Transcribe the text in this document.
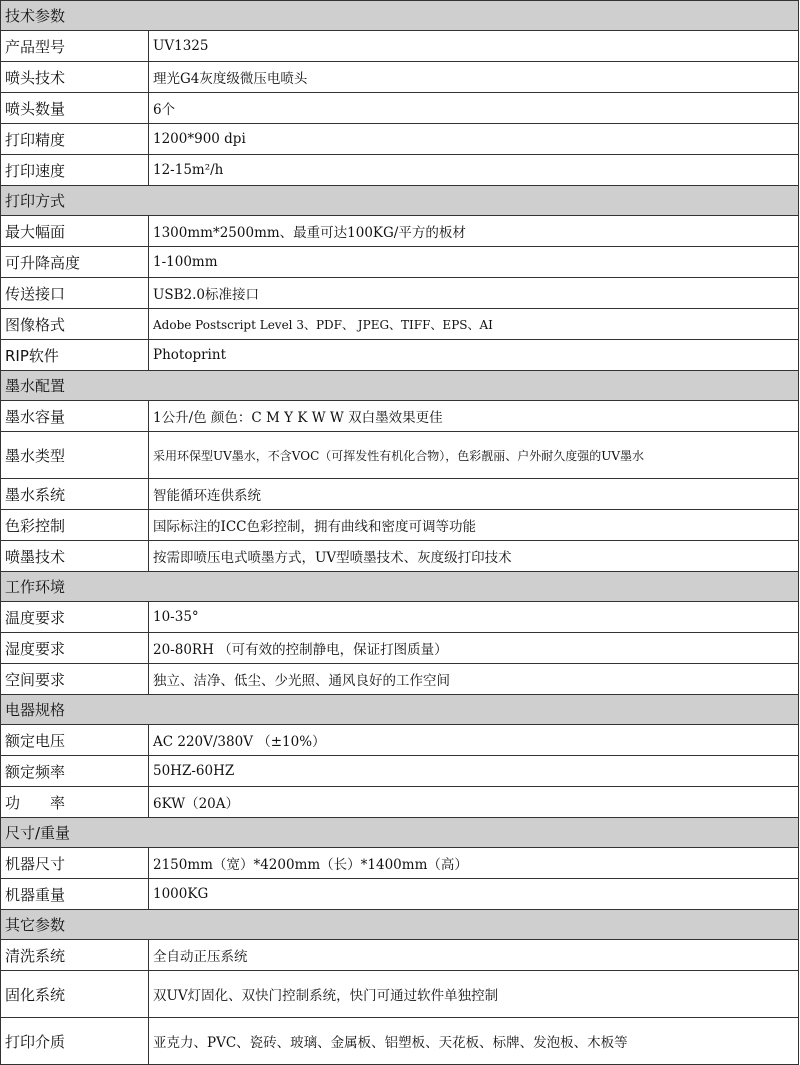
技术参数	
产品型号	UV1325
喷头技术	理光G4灰度级微压电喷头
喷头数量	6个
打印精度	1200*900 dpi
打印速度	12-15m²/h
打印方式	
最大幅面	1300mm*2500mm、最重可达100KG/平方的板材
可升降高度	1-100mm
传送接口	USB2.0标准接口
图像格式	Adobe Postscript Level 3、PDF、 JPEG、TIFF、EPS、AI
RIP软件	Photoprint
墨水配置	
墨水容量	1公升/色 颜色：C M Y K W W 双白墨效果更佳
墨水类型	采用环保型UV墨水，不含VOC（可挥发性有机化合物），色彩靓丽、户外耐久度强的UV墨水
墨水系统	智能循环连供系统
色彩控制	国际标注的ICC色彩控制，拥有曲线和密度可调等功能
喷墨技术	按需即喷压电式喷墨方式，UV型喷墨技术、灰度级打印技术
工作环境	
温度要求	10-35°
湿度要求	20-80RH （可有效的控制静电，保证打图质量）
空间要求	独立、洁净、低尘、少光照、通风良好的工作空间
电器规格	
额定电压	AC 220V/380V （±10%）
额定频率	50HZ-60HZ
功　　率	6KW（20A）
尺寸/重量	
机器尺寸	2150mm（宽）*4200mm（长）*1400mm（高）
机器重量	1000KG
其它参数	
清洗系统	全自动正压系统
固化系统	双UV灯固化、双快门控制系统，快门可通过软件单独控制
打印介质	亚克力、PVC、瓷砖、玻璃、金属板、铝塑板、天花板、标牌、发泡板、木板等
